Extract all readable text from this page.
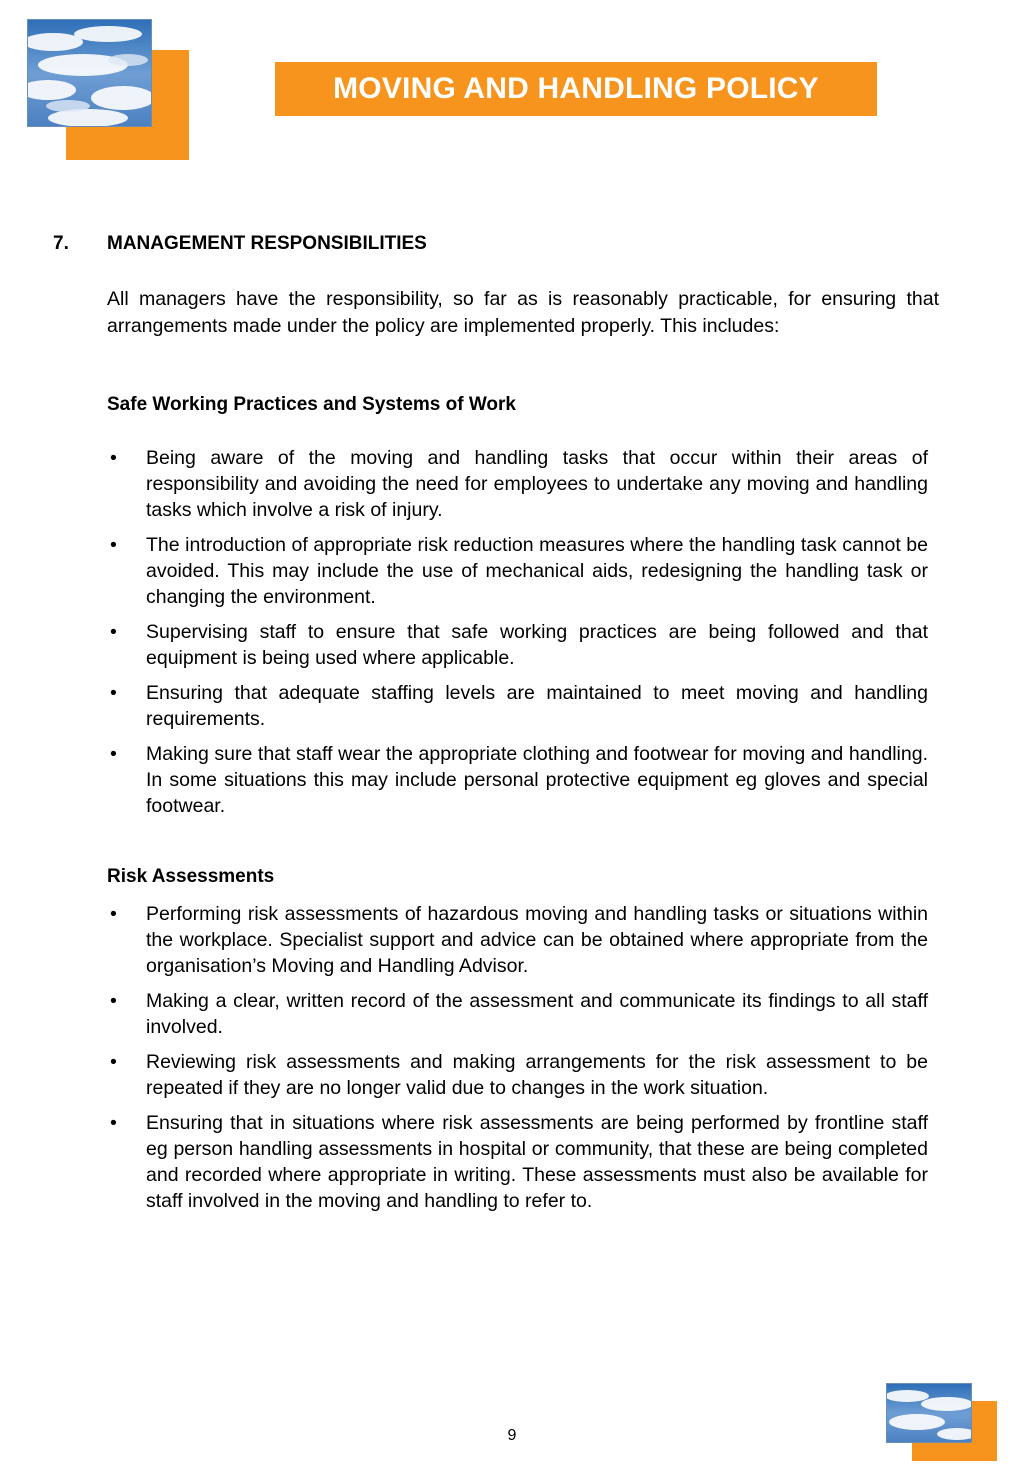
MOVING AND HANDLING POLICY
7. MANAGEMENT RESPONSIBILITIES

All managers have the responsibility, so far as is reasonably practicable, for ensuring that arrangements made under the policy are implemented properly. This includes:

Safe Working Practices and Systems of Work
• Being aware of the moving and handling tasks that occur within their areas of responsibility and avoiding the need for employees to undertake any moving and handling tasks which involve a risk of injury.
• The introduction of appropriate risk reduction measures where the handling task cannot be avoided. This may include the use of mechanical aids, redesigning the handling task or changing the environment.
• Supervising staff to ensure that safe working practices are being followed and that equipment is being used where applicable.
• Ensuring that adequate staffing levels are maintained to meet moving and handling requirements.
• Making sure that staff wear the appropriate clothing and footwear for moving and handling. In some situations this may include personal protective equipment eg gloves and special footwear.
Risk Assessments
• Performing risk assessments of hazardous moving and handling tasks or situations within the workplace. Specialist support and advice can be obtained where appropriate from the organisation’s Moving and Handling Advisor.
• Making a clear, written record of the assessment and communicate its findings to all staff involved.
• Reviewing risk assessments and making arrangements for the risk assessment to be repeated if they are no longer valid due to changes in the work situation.
• Ensuring that in situations where risk assessments are being performed by frontline staff eg person handling assessments in hospital or community, that these are being completed and recorded where appropriate in writing. These assessments must also be available for staff involved in the moving and handling to refer to.
9
